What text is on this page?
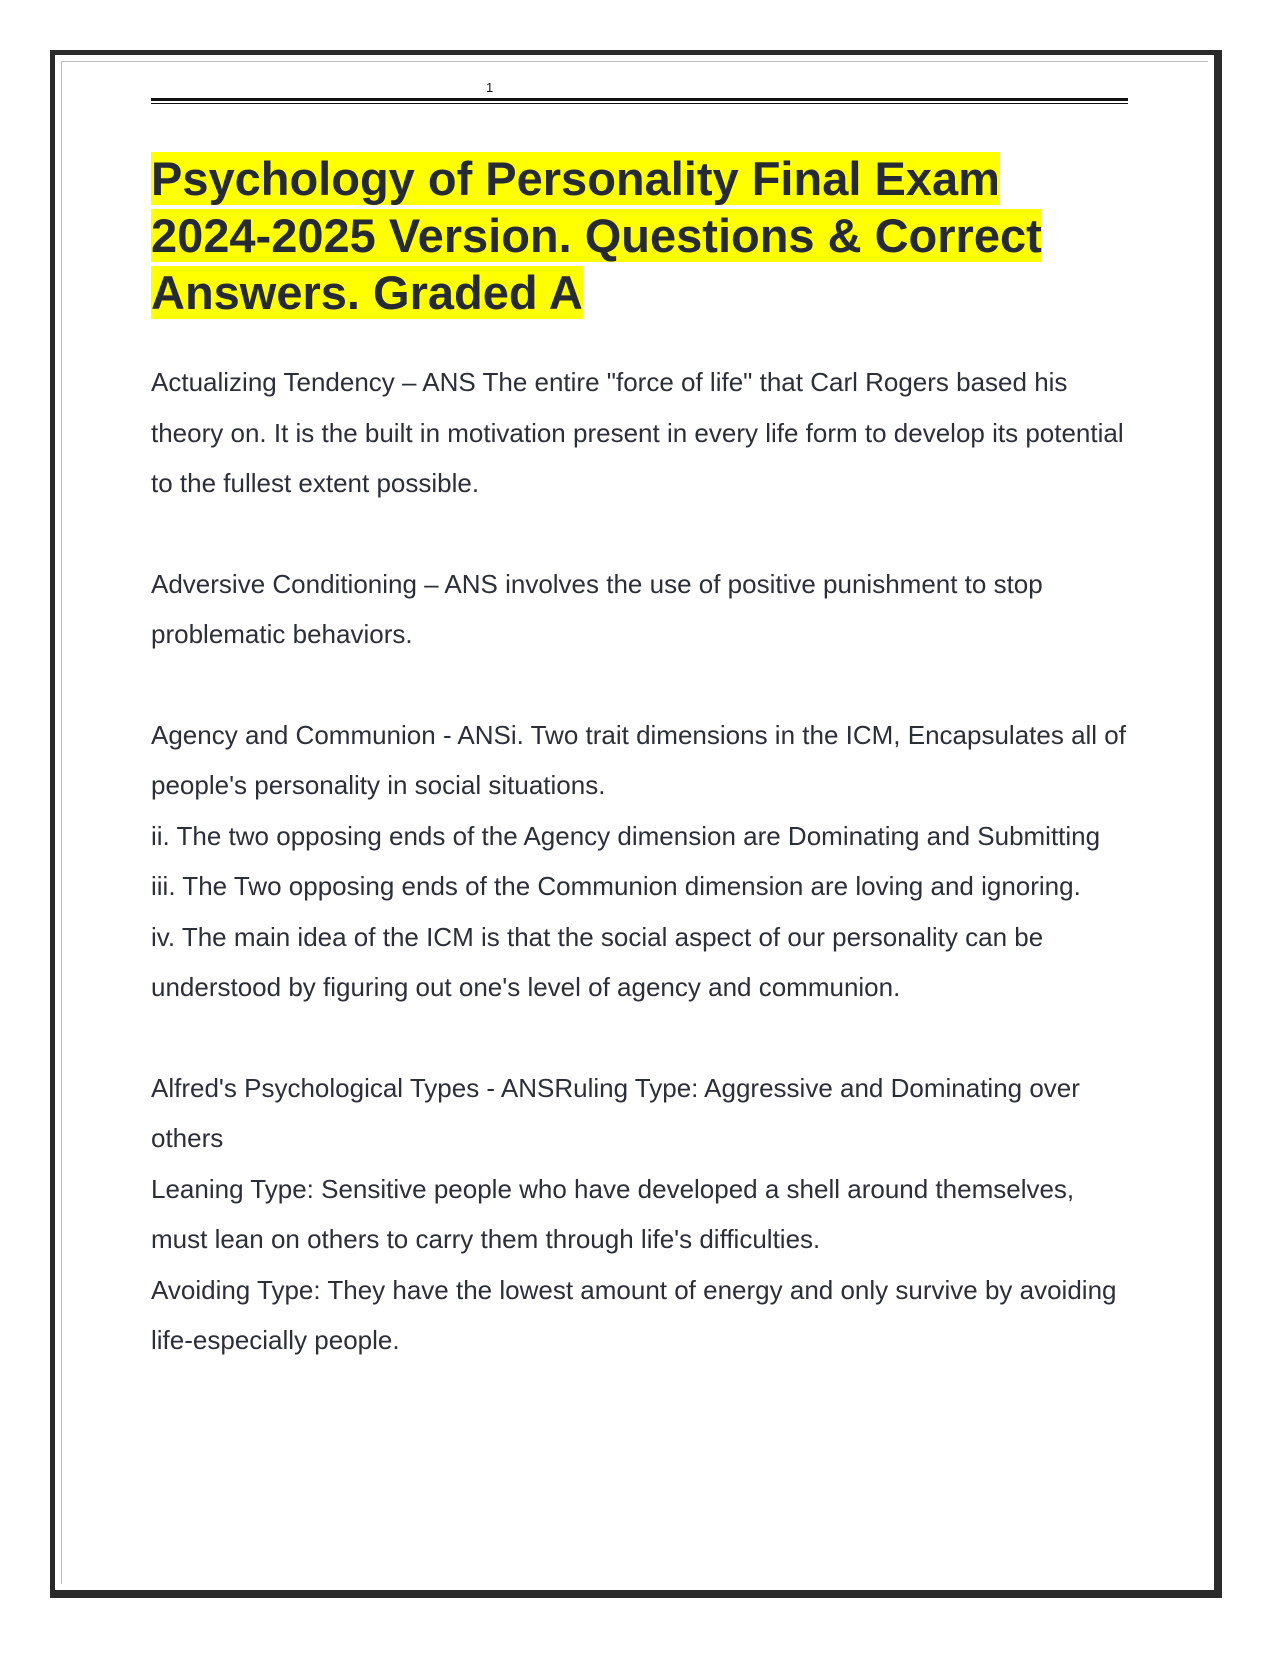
1
Psychology of Personality Final Exam 2024-2025 Version. Questions & Correct Answers. Graded A

Actualizing Tendency – ANS The entire "force of life" that Carl Rogers based his theory on. It is the built in motivation present in every life form to develop its potential to the fullest extent possible.

Adversive Conditioning – ANS involves the use of positive punishment to stop problematic behaviors.

Agency and Communion - ANSi. Two trait dimensions in the ICM, Encapsulates all of people's personality in social situations.

ii. The two opposing ends of the Agency dimension are Dominating and Submitting

iii. The Two opposing ends of the Communion dimension are loving and ignoring.

iv. The main idea of the ICM is that the social aspect of our personality can be understood by figuring out one's level of agency and communion.

Alfred's Psychological Types - ANSRuling Type: Aggressive and Dominating over others

Leaning Type: Sensitive people who have developed a shell around themselves, must lean on others to carry them through life's difficulties.

Avoiding Type: They have the lowest amount of energy and only survive by avoiding life-especially people.
